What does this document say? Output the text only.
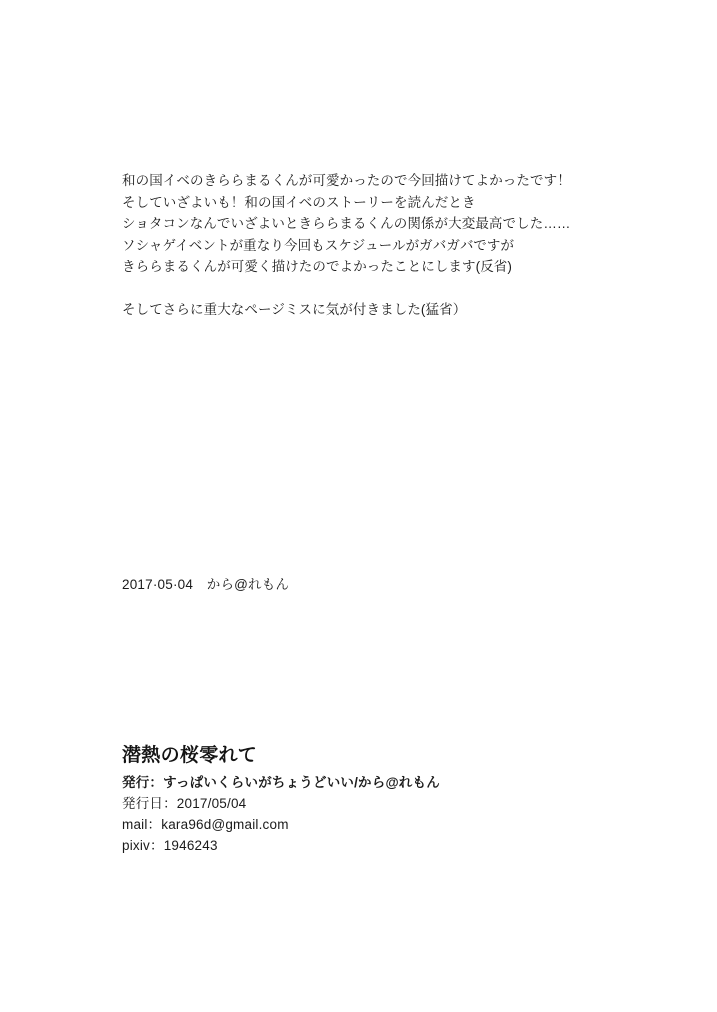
和の国イベのきららまるくんが可愛かったので今回描けてよかったです！

そしていざよいも！和の国イベのストーリーを読んだとき

ショタコンなんでいざよいときららまるくんの関係が大変最高でした……

ソシャゲイベントが重なり今回もスケジュールがガバガバですが

きららまるくんが可愛く描けたのでよかったことにします(反省)

そしてさらに重大なページミスに気が付きました(猛省）

2017·05·04　から@れもん

潜熱の桜零れて

発行：すっぱいくらいがちょうどいい/から@れもん

発行日：2017/05/04

mail：kara96d@gmail.com

pixiv：1946243
